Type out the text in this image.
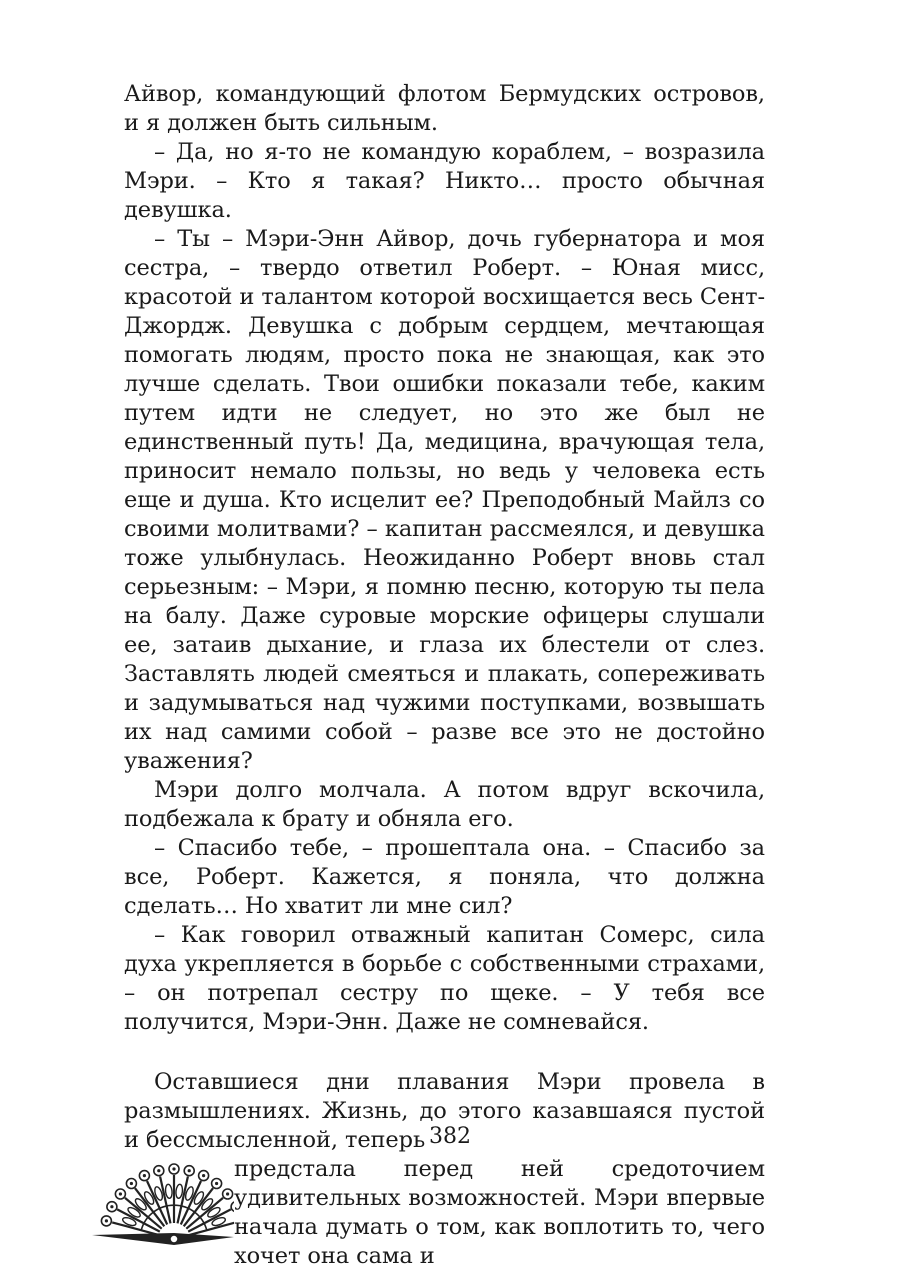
Айвор, командующий флотом Бермудских островов, и я должен быть сильным.

– Да, но я-то не командую кораблем, – возразила Мэри. – Кто я такая? Никто… просто обычная девушка.

– Ты – Мэри-Энн Айвор, дочь губернатора и моя сестра, – твердо ответил Роберт. – Юная мисс, красотой и талантом которой восхищается весь Сент-Джордж. Девушка с добрым сердцем, мечтающая помогать людям, просто пока не знающая, как это лучше сделать. Твои ошибки показали тебе, каким путем идти не следует, но это же был не единственный путь! Да, медицина, врачующая тела, приносит немало пользы, но ведь у человека есть еще и душа. Кто исцелит ее? Преподобный Майлз со своими молитвами? – капитан рассмеялся, и девушка тоже улыбнулась. Неожиданно Роберт вновь стал серьезным: – Мэри, я помню песню, которую ты пела на балу. Даже суровые морские офицеры слушали ее, затаив дыхание, и глаза их блестели от слез. Заставлять людей смеяться и плакать, сопереживать и задумываться над чужими поступками, возвышать их над самими собой – разве все это не достойно уважения?

Мэри долго молчала. А потом вдруг вскочила, подбежала к брату и обняла его.

– Спасибо тебе, – прошептала она. – Спасибо за все, Роберт. Кажется, я поняла, что должна сделать… Но хватит ли мне сил?

– Как говорил отважный капитан Сомерс, сила духа укрепляется в борьбе с собственными страхами, – он потрепал сестру по щеке. – У тебя все получится, Мэри-Энн. Даже не сомневайся.

Оставшиеся дни плавания Мэри провела в размышлениях. Жизнь, до этого казавшаяся пустой и бессмысленной, теперь
предстала перед ней средоточием удивительных возможностей. Мэри впервые начала думать о том, как воплотить то, чего хочет она сама и

382
